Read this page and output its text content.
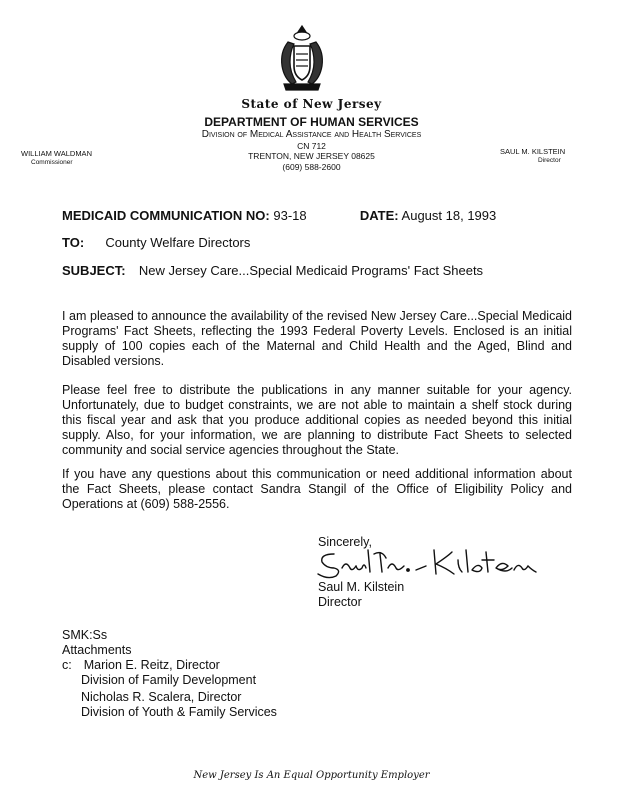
State of New Jersey
DEPARTMENT OF HUMAN SERVICES
Division of Medical Assistance and Health Services
CN 712
TRENTON, NEW JERSEY 08625
(609) 588-2600
WILLIAM WALDMAN
Commissioner
SAUL M. KILSTEIN
Director
MEDICAID COMMUNICATION NO: 93-18	DATE: August 18, 1993
TO: County Welfare Directors
SUBJECT: New Jersey Care...Special Medicaid Programs' Fact Sheets

I am pleased to announce the availability of the revised New Jersey Care...Special Medicaid Programs' Fact Sheets, reflecting the 1993 Federal Poverty Levels. Enclosed is an initial supply of 100 copies each of the Maternal and Child Health and the Aged, Blind and Disabled versions.

Please feel free to distribute the publications in any manner suitable for your agency. Unfortunately, due to budget constraints, we are not able to maintain a shelf stock during this fiscal year and ask that you produce additional copies as needed beyond this initial supply. Also, for your information, we are planning to distribute Fact Sheets to selected community and social service agencies throughout the State.

If you have any questions about this communication or need additional information about the Fact Sheets, please contact Sandra Stangil of the Office of Eligibility Policy and Operations at (609) 588-2556.

Sincerely,
Saul M. Kilstein
Director
SMK:Ss
Attachments
c: Marion E. Reitz, Director
Division of Family Development
Nicholas R. Scalera, Director
Division of Youth & Family Services
New Jersey Is An Equal Opportunity Employer
